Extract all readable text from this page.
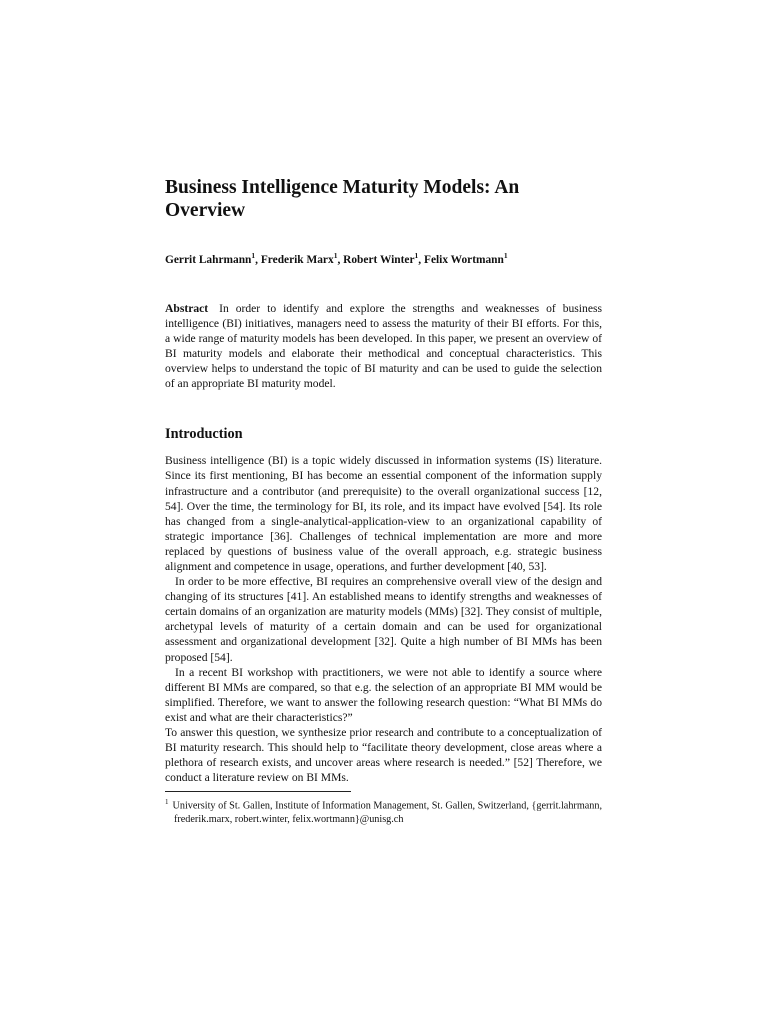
Business Intelligence Maturity Models: An Overview
Gerrit Lahrmann$^1$, Frederik Marx$^1$, Robert Winter$^1$, Felix Wortmann$^1$
Abstract In order to identify and explore the strengths and weaknesses of business intelligence (BI) initiatives, managers need to assess the maturity of their BI efforts. For this, a wide range of maturity models has been developed. In this paper, we present an overview of BI maturity models and elaborate their methodical and conceptual characteristics. This overview helps to understand the topic of BI maturity and can be used to guide the selection of an appropriate BI maturity model.
Introduction

Business intelligence (BI) is a topic widely discussed in information systems (IS) literature. Since its first mentioning, BI has become an essential component of the information supply infrastructure and a contributor (and prerequisite) to the overall organizational success [12, 54]. Over the time, the terminology for BI, its role, and its impact have evolved [54]. Its role has changed from a single-analytical-application-view to an organizational capability of strategic importance [36]. Challenges of technical implementation are more and more replaced by questions of business value of the overall approach, e.g. strategic business alignment and competence in usage, operations, and further development [40, 53].

In order to be more effective, BI requires an comprehensive overall view of the design and changing of its structures [41]. An established means to identify strengths and weaknesses of certain domains of an organization are maturity models (MMs) [32]. They consist of multiple, archetypal levels of maturity of a certain domain and can be used for organizational assessment and organizational development [32]. Quite a high number of BI MMs has been proposed [54].

In a recent BI workshop with practitioners, we were not able to identify a source where different BI MMs are compared, so that e.g. the selection of an appropriate BI MM would be simplified. Therefore, we want to answer the following research question: “What BI MMs do exist and what are their characteristics?”

To answer this question, we synthesize prior research and contribute to a conceptualization of BI maturity research. This should help to “facilitate theory development, close areas where a plethora of research exists, and uncover areas where research is needed.” [52] Therefore, we conduct a literature review on BI MMs.

$^1$ University of St. Gallen, Institute of Information Management, St. Gallen, Switzerland, {gerrit.lahrmann, frederik.marx, robert.winter, felix.wortmann}@unisg.ch
